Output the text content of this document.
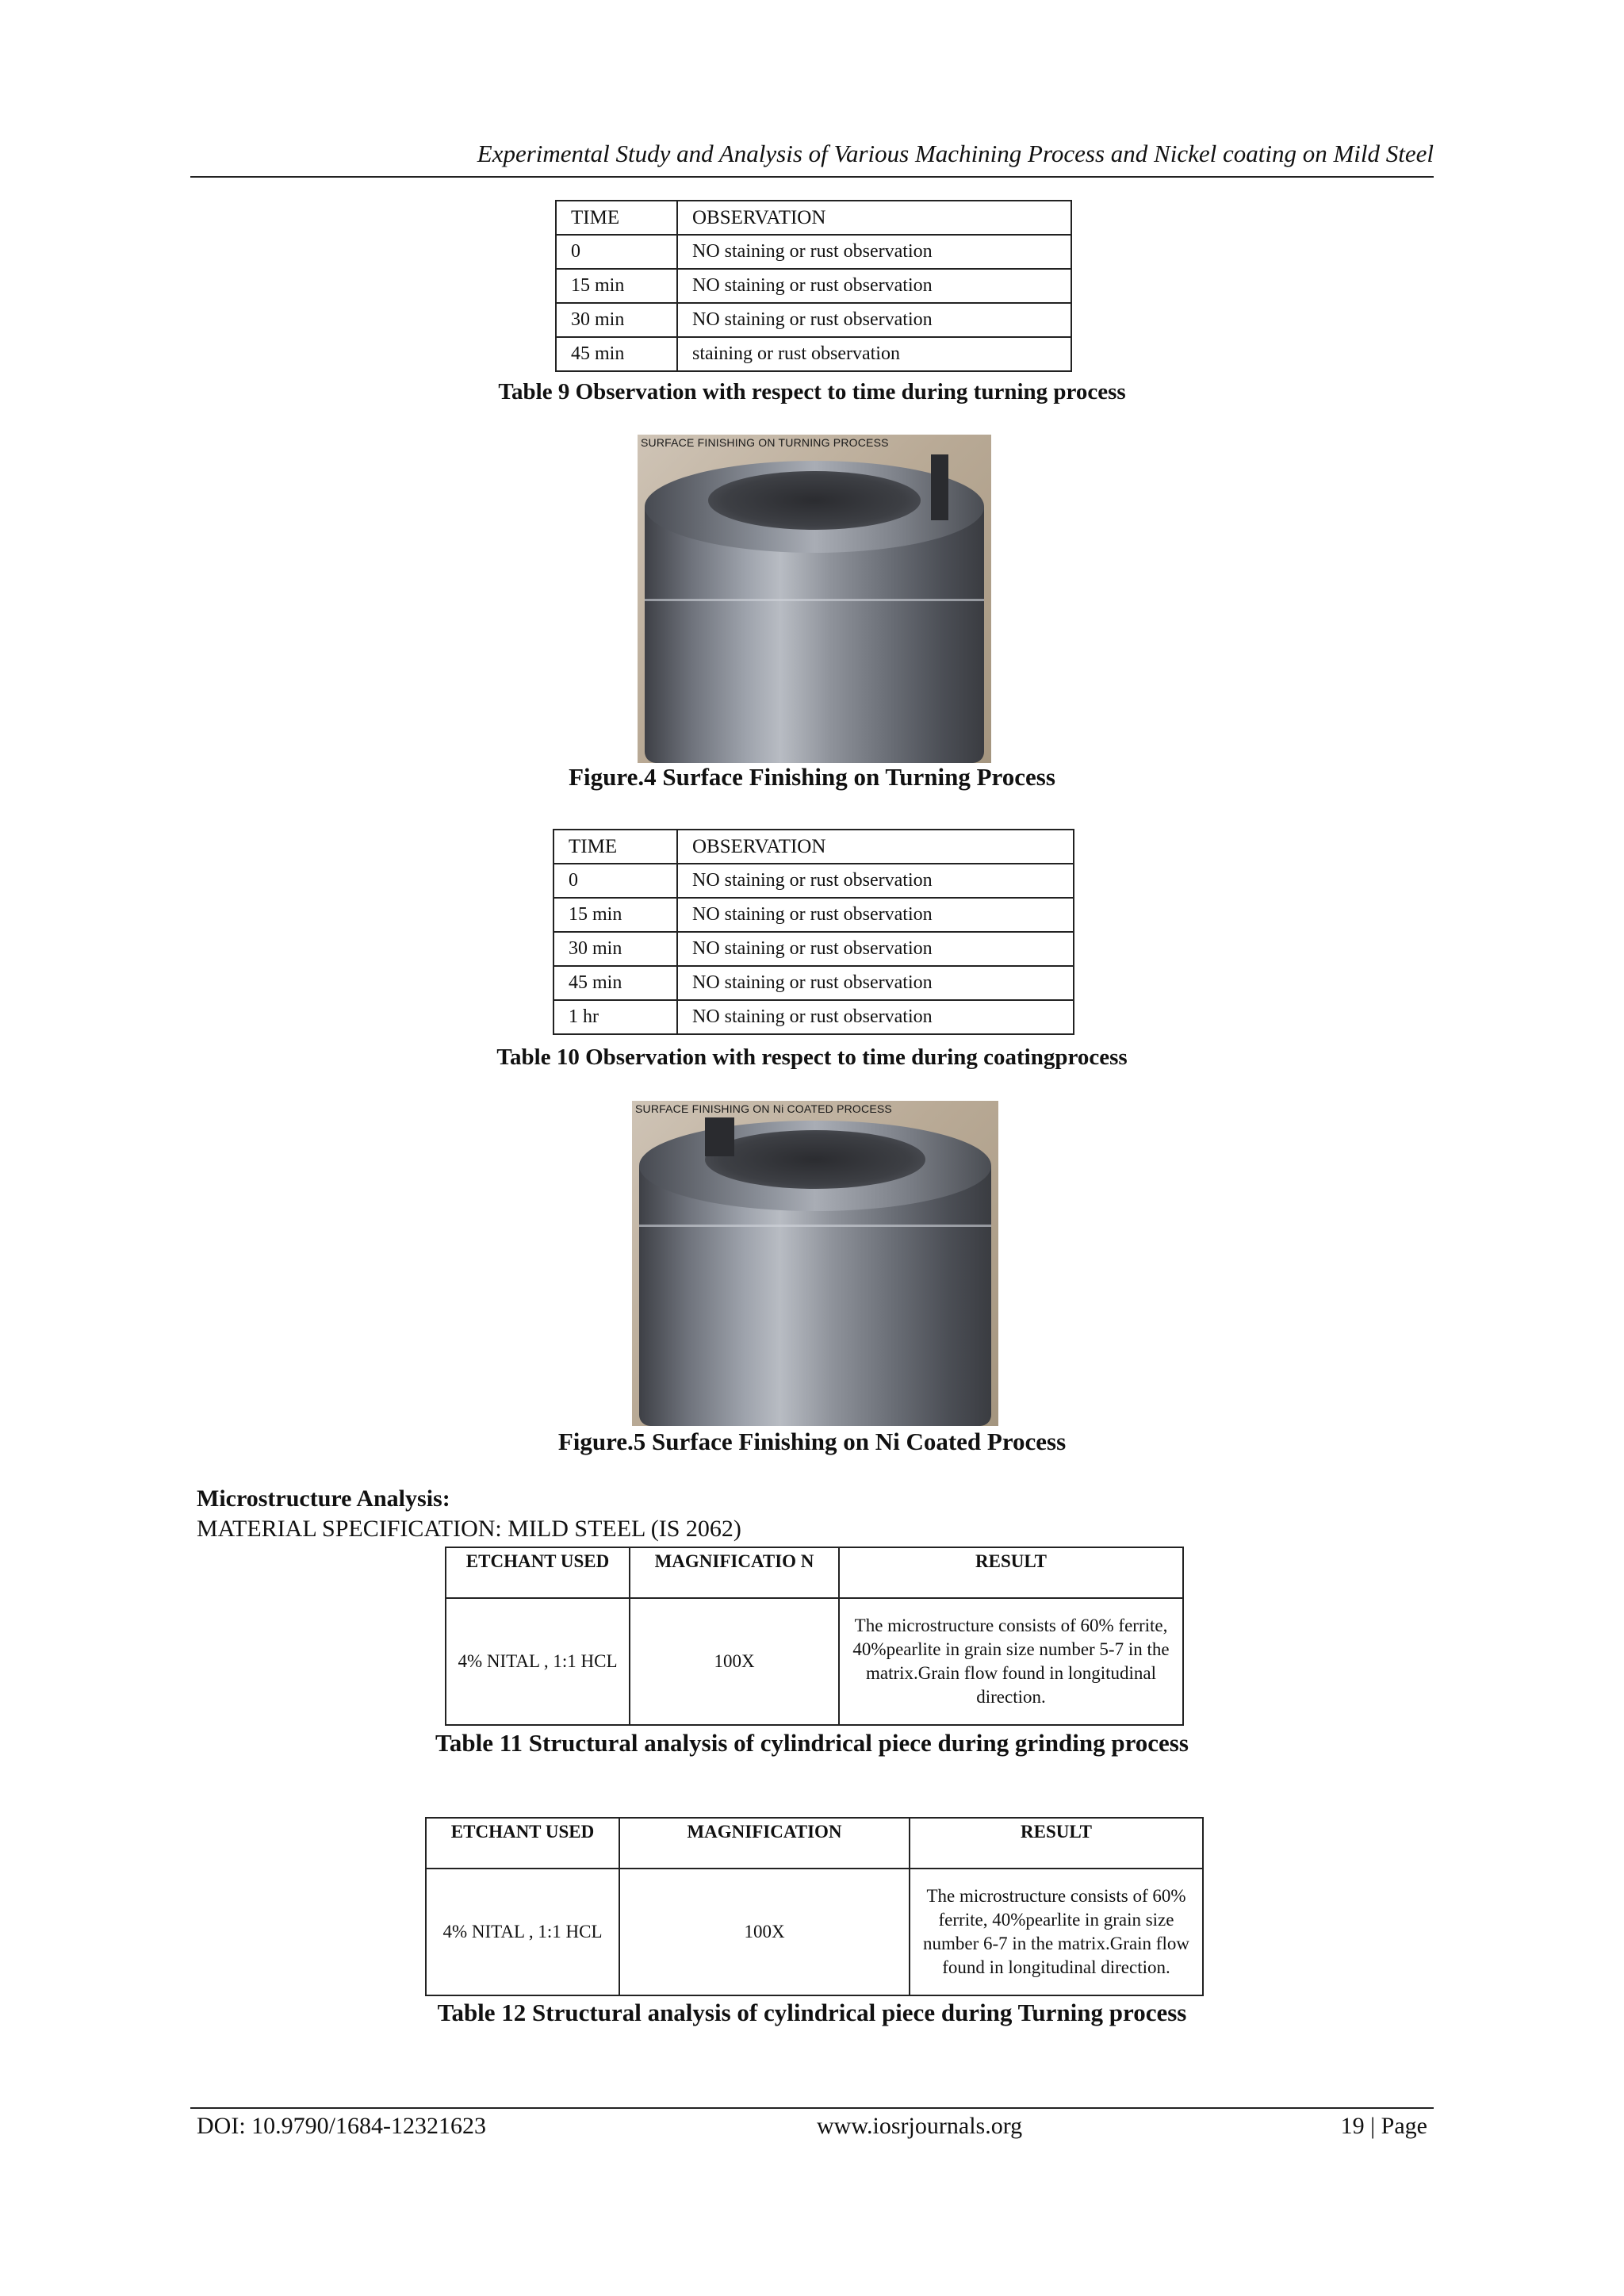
Experimental Study and Analysis of Various Machining Process and Nickel coating on Mild Steel
TIME	OBSERVATION
0	NO staining or rust observation
15 min	NO staining or rust observation
30 min	NO staining or rust observation
45 min	staining or rust observation
Table 9 Observation with respect to time during turning process
SURFACE FINISHING ON TURNING PROCESS
Figure.4 Surface Finishing on Turning Process
TIME	OBSERVATION
0	NO staining or rust observation
15 min	NO staining or rust observation
30 min	NO staining or rust observation
45 min	NO staining or rust observation
1 hr	NO staining or rust observation
Table 10 Observation with respect to time during coatingprocess
SURFACE FINISHING ON Ni COATED PROCESS
Figure.5 Surface Finishing on Ni Coated Process
Microstructure Analysis:
MATERIAL SPECIFICATION: MILD STEEL (IS 2062)
ETCHANT USED	MAGNIFICATIO N	RESULT
4% NITAL , 1:1 HCL	100X	The microstructure consists of 60% ferrite, 40%pearlite in grain size number 5-7 in the matrix.Grain flow found in longitudinal direction.
Table 11 Structural analysis of cylindrical piece during grinding process
ETCHANT USED	MAGNIFICATION	RESULT
4% NITAL , 1:1 HCL	100X	The microstructure consists of 60% ferrite, 40%pearlite in grain size number 6-7 in the matrix.Grain flow found in longitudinal direction.
Table 12 Structural analysis of cylindrical piece during Turning process
DOI: 10.9790/1684-12321623	www.iosrjournals.org	19 | Page
